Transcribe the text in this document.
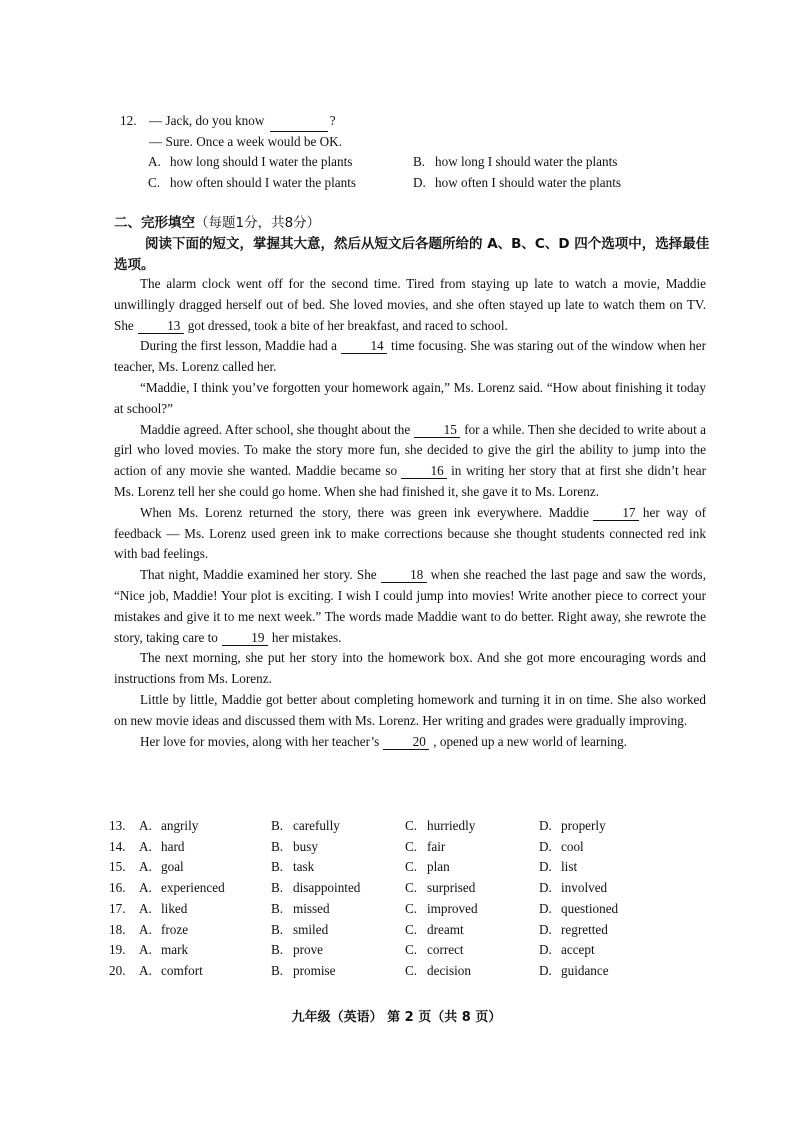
12. — Jack, do you know	?
— Sure. Once a week would be OK.
A. how long should I water the plants	B. how long I should water the plants
C. how often should I water the plants	D. how often I should water the plants
二、完形填空（每题1分，共8分）
阅读下面的短文，掌握其大意，然后从短文后各题所给的 A、B、C、D 四个选项中，选择最佳选项。

The alarm clock went off for the second time. Tired from staying up late to watch a movie, Maddie unwillingly dragged herself out of bed. She loved movies, and she often stayed up late to watch them on TV. She	13 got dressed, took a bite of her breakfast, and raced to school.

During the first lesson, Maddie had a	14 time focusing. She was staring out of the window when her teacher, Ms. Lorenz called her.

“Maddie, I think you’ve forgotten your homework again,” Ms. Lorenz said. “How about finishing it today at school?”

Maddie agreed. After school, she thought about the	15 for a while. Then she decided to write about a girl who loved movies. To make the story more fun, she decided to give the girl the ability to jump into the action of any movie she wanted. Maddie became so	16 in writing her story that at first she didn’t hear Ms. Lorenz tell her she could go home. When she had finished it, she gave it to Ms. Lorenz.

When Ms. Lorenz returned the story, there was green ink everywhere. Maddie	17 her way of feedback — Ms. Lorenz used green ink to make corrections because she thought students connected red ink with bad feelings.

That night, Maddie examined her story. She	18 when she reached the last page and saw the words, “Nice job, Maddie! Your plot is exciting. I wish I could jump into movies! Write another piece to correct your mistakes and give it to me next week.” The words made Maddie want to do better. Right away, she rewrote the story, taking care to	19 her mistakes.

The next morning, she put her story into the homework box. And she got more encouraging words and instructions from Ms. Lorenz.

Little by little, Maddie got better about completing homework and turning it in on time. She also worked on new movie ideas and discussed them with Ms. Lorenz. Her writing and grades were gradually improving.

Her love for movies, along with her teacher’s	20 , opened up a new world of learning.

13.	A. angrily	B. carefully	C. hurriedly	D. properly
14.	A. hard	B. busy	C. fair	D. cool
15.	A. goal	B. task	C. plan	D. list
16.	A. experienced	B. disappointed	C. surprised	D. involved
17.	A. liked	B. missed	C. improved	D. questioned
18.	A. froze	B. smiled	C. dreamt	D. regretted
19.	A. mark	B. prove	C. correct	D. accept
20.	A. comfort	B. promise	C. decision	D. guidance
九年级（英语） 第 2 页（共 8 页）
